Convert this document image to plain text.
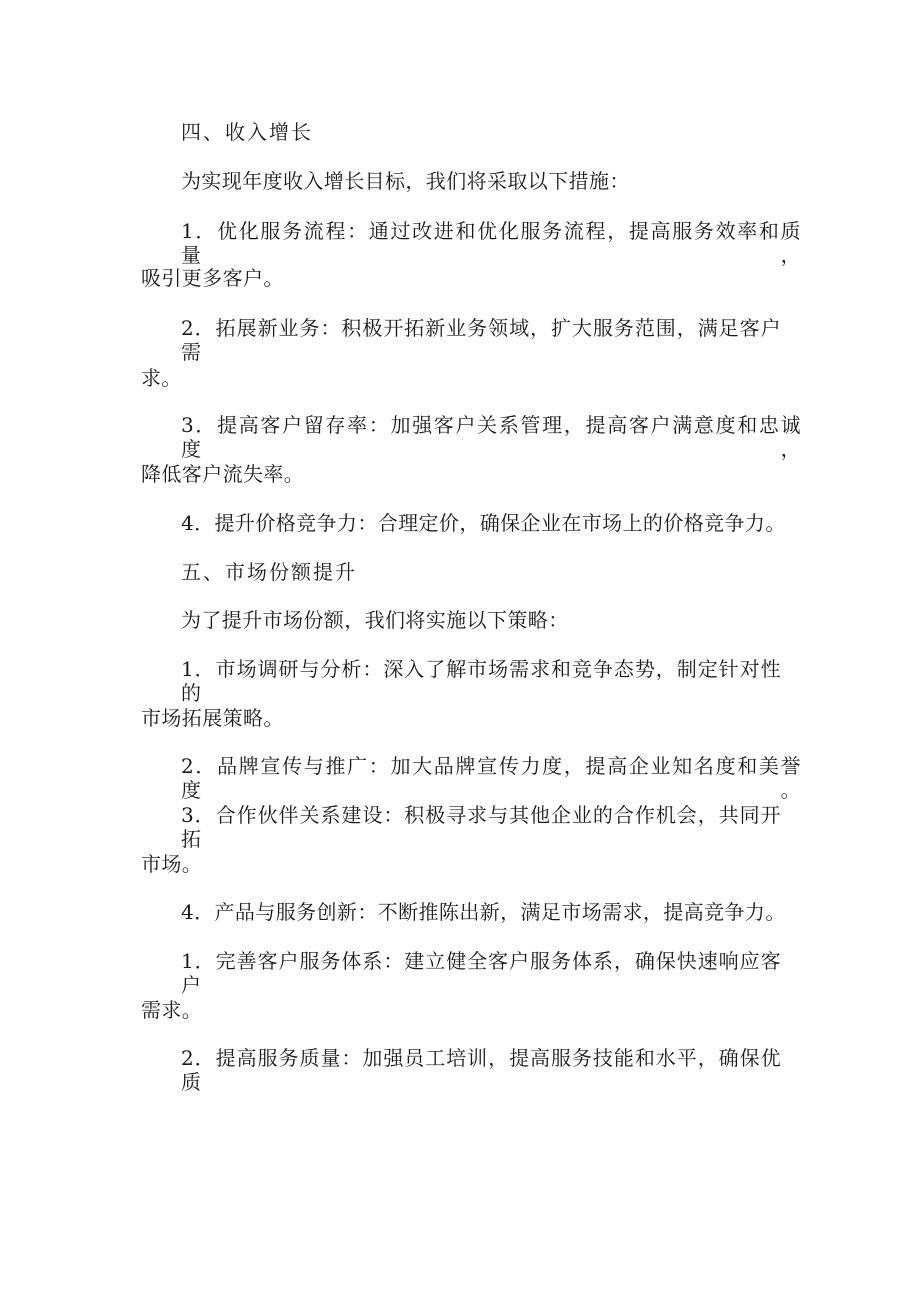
四、收入增长
为实现年度收入增长目标，我们将采取以下措施：
1．优化服务流程：通过改进和优化服务流程，提高服务效率和质量，
吸引更多客户。
2．拓展新业务：积极开拓新业务领域，扩大服务范围，满足客户需
求。
3．提高客户留存率：加强客户关系管理，提高客户满意度和忠诚度，
降低客户流失率。
4．提升价格竞争力：合理定价，确保企业在市场上的价格竞争力。
五、市场份额提升
为了提升市场份额，我们将实施以下策略：
1．市场调研与分析：深入了解市场需求和竞争态势，制定针对性的
市场拓展策略。
2．品牌宣传与推广：加大品牌宣传力度，提高企业知名度和美誉度。
3．合作伙伴关系建设：积极寻求与其他企业的合作机会，共同开拓
市场。
4．产品与服务创新：不断推陈出新，满足市场需求，提高竞争力。
1．完善客户服务体系：建立健全客户服务体系，确保快速响应客户
需求。
2．提高服务质量：加强员工培训，提高服务技能和水平，确保优质
